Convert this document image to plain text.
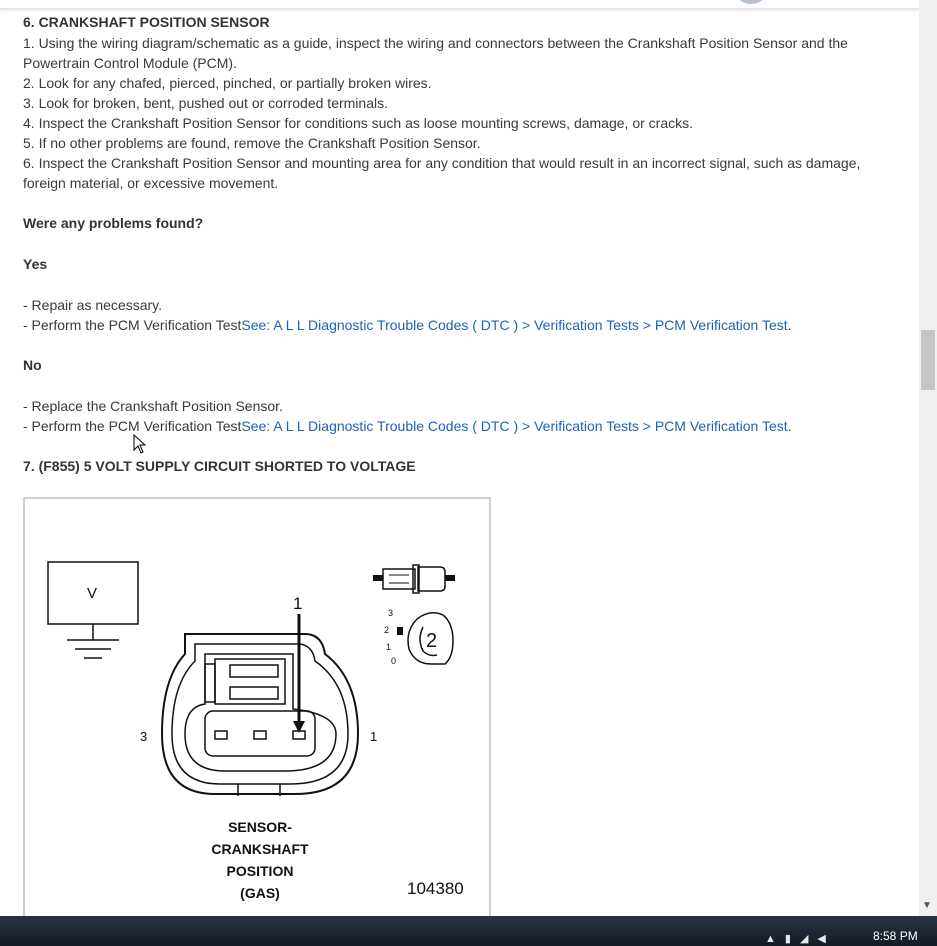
6. CRANKSHAFT POSITION SENSOR
1. Using the wiring diagram/schematic as a guide, inspect the wiring and connectors between the Crankshaft Position Sensor and the
Powertrain Control Module (PCM).
2. Look for any chafed, pierced, pinched, or partially broken wires.
3. Look for broken, bent, pushed out or corroded terminals.
4. Inspect the Crankshaft Position Sensor for conditions such as loose mounting screws, damage, or cracks.
5. If no other problems are found, remove the Crankshaft Position Sensor.
6. Inspect the Crankshaft Position Sensor and mounting area for any condition that would result in an incorrect signal, such as damage,
foreign material, or excessive movement.
Were any problems found?
Yes
- Repair as necessary.
- Perform the PCM Verification TestSee: A L L Diagnostic Trouble Codes ( DTC ) > Verification Tests > PCM Verification Test.
No
- Replace the Crankshaft Position Sensor.
- Perform the PCM Verification TestSee: A L L Diagnostic Trouble Codes ( DTC ) > Verification Tests > PCM Verification Test.
7. (F855) 5 VOLT SUPPLY CIRCUIT SHORTED TO VOLTAGE
V
1
3	1
3
2
1
0
2
SENSOR-
CRANKSHAFT
POSITION
(GAS)	104380
▼
▲▮◢◀	8:58 PM
